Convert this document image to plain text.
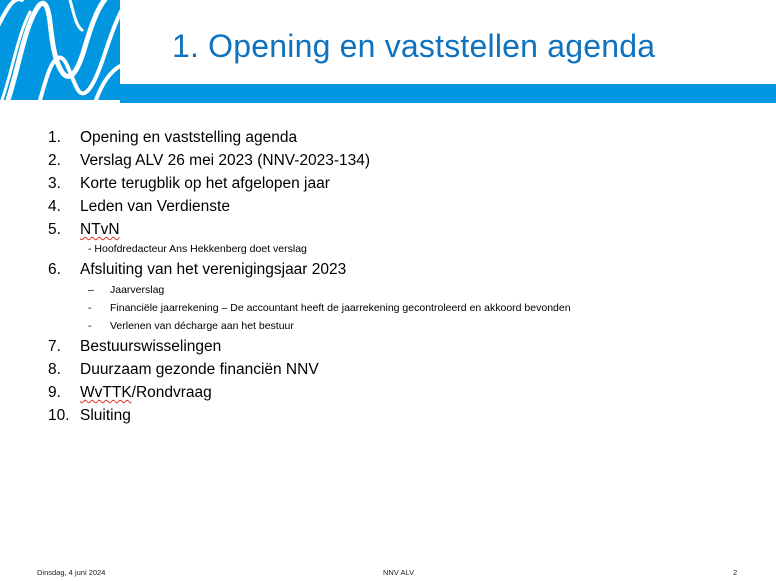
1. Opening en vaststellen agenda
1. Opening en vaststelling agenda
2. Verslag ALV 26 mei 2023 (NNV-2023-134)
3. Korte terugblik op het afgelopen jaar
4. Leden van Verdienste
5. NTvN
- Hoofdredacteur Ans Hekkenberg doet verslag
6. Afsluiting van het verenigingsjaar 2023
– Jaarverslag
- Financiële jaarrekening – De accountant heeft de jaarrekening gecontroleerd en akkoord bevonden
- Verlenen van décharge aan het bestuur
7. Bestuurswisselingen
8. Duurzaam gezonde financiën NNV
9. WvTTK/Rondvraag
10. Sluiting
Dinsdag, 4 juni 2024	NNV ALV	2
